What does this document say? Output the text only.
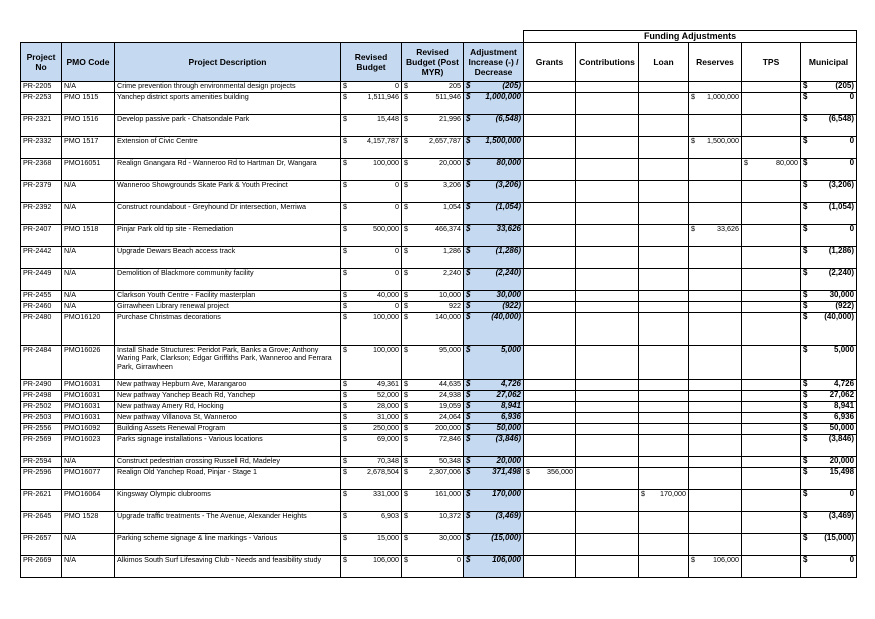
						Funding Adjustments					
Project No	PMO Code	Project Description	Revised Budget	Revised Budget (Post MYR)	Adjustment Increase (-) / Decrease	Grants	Contributions	Loan	Reserves	TPS	Municipal
PR-2205	N/A	Crime prevention through environmental design projects	$ 0	$ 205	$ (205)						$ (205)

PR-2253	PMO 1515	Yanchep district sports amenities building	$ 1,511,946	$ 511,946	$ 1,000,000				$ 1,000,000		$ 0

PR-2321	PMO 1516	Develop passive park - Chatsondale Park	$ 15,448	$ 21,996	$ (6,548)						$ (6,548)

PR-2332	PMO 1517	Extension of Civic Centre	$ 4,157,787	$ 2,657,787	$ 1,500,000				$ 1,500,000		$ 0

PR-2368	PMO16051	Realign Gnangara Rd - Wanneroo Rd to Hartman Dr, Wangara	$ 100,000	$ 20,000	$ 80,000					$ 80,000	$ 0

PR-2379	N/A	Wanneroo Showgrounds Skate Park & Youth Precinct	$ 0	$ 3,206	$ (3,206)						$ (3,206)

PR-2392	N/A	Construct roundabout - Greyhound Dr intersection, Merriwa	$ 0	$ 1,054	$ (1,054)						$ (1,054)

PR-2407	PMO 1518	Pinjar Park old tip site - Remediation	$ 500,000	$ 466,374	$ 33,626				$ 33,626		$ 0

PR-2442	N/A	Upgrade Dewars Beach access track	$ 0	$ 1,286	$ (1,286)						$ (1,286)

PR-2449	N/A	Demolition of Blackmore community facility	$ 0	$ 2,240	$ (2,240)						$ (2,240)

PR-2455	N/A	Clarkson Youth Centre - Facility masterplan	$ 40,000	$ 10,000	$ 30,000						$ 30,000

PR-2460	N/A	Girrawheen Library renewal project	$ 0	$ 922	$ (922)						$ (922)

PR-2480	PMO16120	Purchase Christmas decorations	$ 100,000	$ 140,000	$ (40,000)						$ (40,000)

PR-2484	PMO16026	Install Shade Structures: Peridot Park, Banks a Grove; Anthony Waring Park, Clarkson; Edgar Griffiths Park, Wanneroo and Ferrara Park, Girrawheen	$ 100,000	$ 95,000	$ 5,000						$ 5,000

PR-2490	PMO16031	New pathway Hepburn Ave, Marangaroo	$ 49,361	$ 44,635	$ 4,726						$ 4,726

PR-2498	PMO16031	New pathway Yanchep Beach Rd, Yanchep	$ 52,000	$ 24,938	$ 27,062						$ 27,062

PR-2502	PMO16031	New pathway Amery Rd, Hocking	$ 28,000	$ 19,059	$ 8,941						$ 8,941

PR-2503	PMO16031	New pathway Villanova St, Wanneroo	$ 31,000	$ 24,064	$ 6,936						$ 6,936

PR-2556	PMO16092	Building Assets Renewal Program	$ 250,000	$ 200,000	$ 50,000						$ 50,000

PR-2569	PMO16023	Parks signage installations - Various locations	$ 69,000	$ 72,846	$ (3,846)						$ (3,846)

PR-2594	N/A	Construct pedestrian crossing Russell Rd, Madeley	$ 70,348	$ 50,348	$ 20,000						$ 20,000

PR-2596	PMO16077	Realign Old Yanchep Road, Pinjar - Stage 1	$ 2,678,504	$ 2,307,006	$ 371,498	$ 356,000					$ 15,498

PR-2621	PMO16064	Kingsway Olympic clubrooms	$ 331,000	$ 161,000	$ 170,000			$ 170,000			$ 0

PR-2645	PMO 1528	Upgrade traffic treatments - The Avenue, Alexander Heights	$ 6,903	$ 10,372	$ (3,469)						$ (3,469)

PR-2657	N/A	Parking scheme signage & line markings - Various	$ 15,000	$ 30,000	$ (15,000)						$ (15,000)

PR-2669	N/A	Alkimos South Surf Lifesaving Club - Needs and feasibility study	$ 106,000	$ 0	$ 106,000				$ 106,000		$ 0
